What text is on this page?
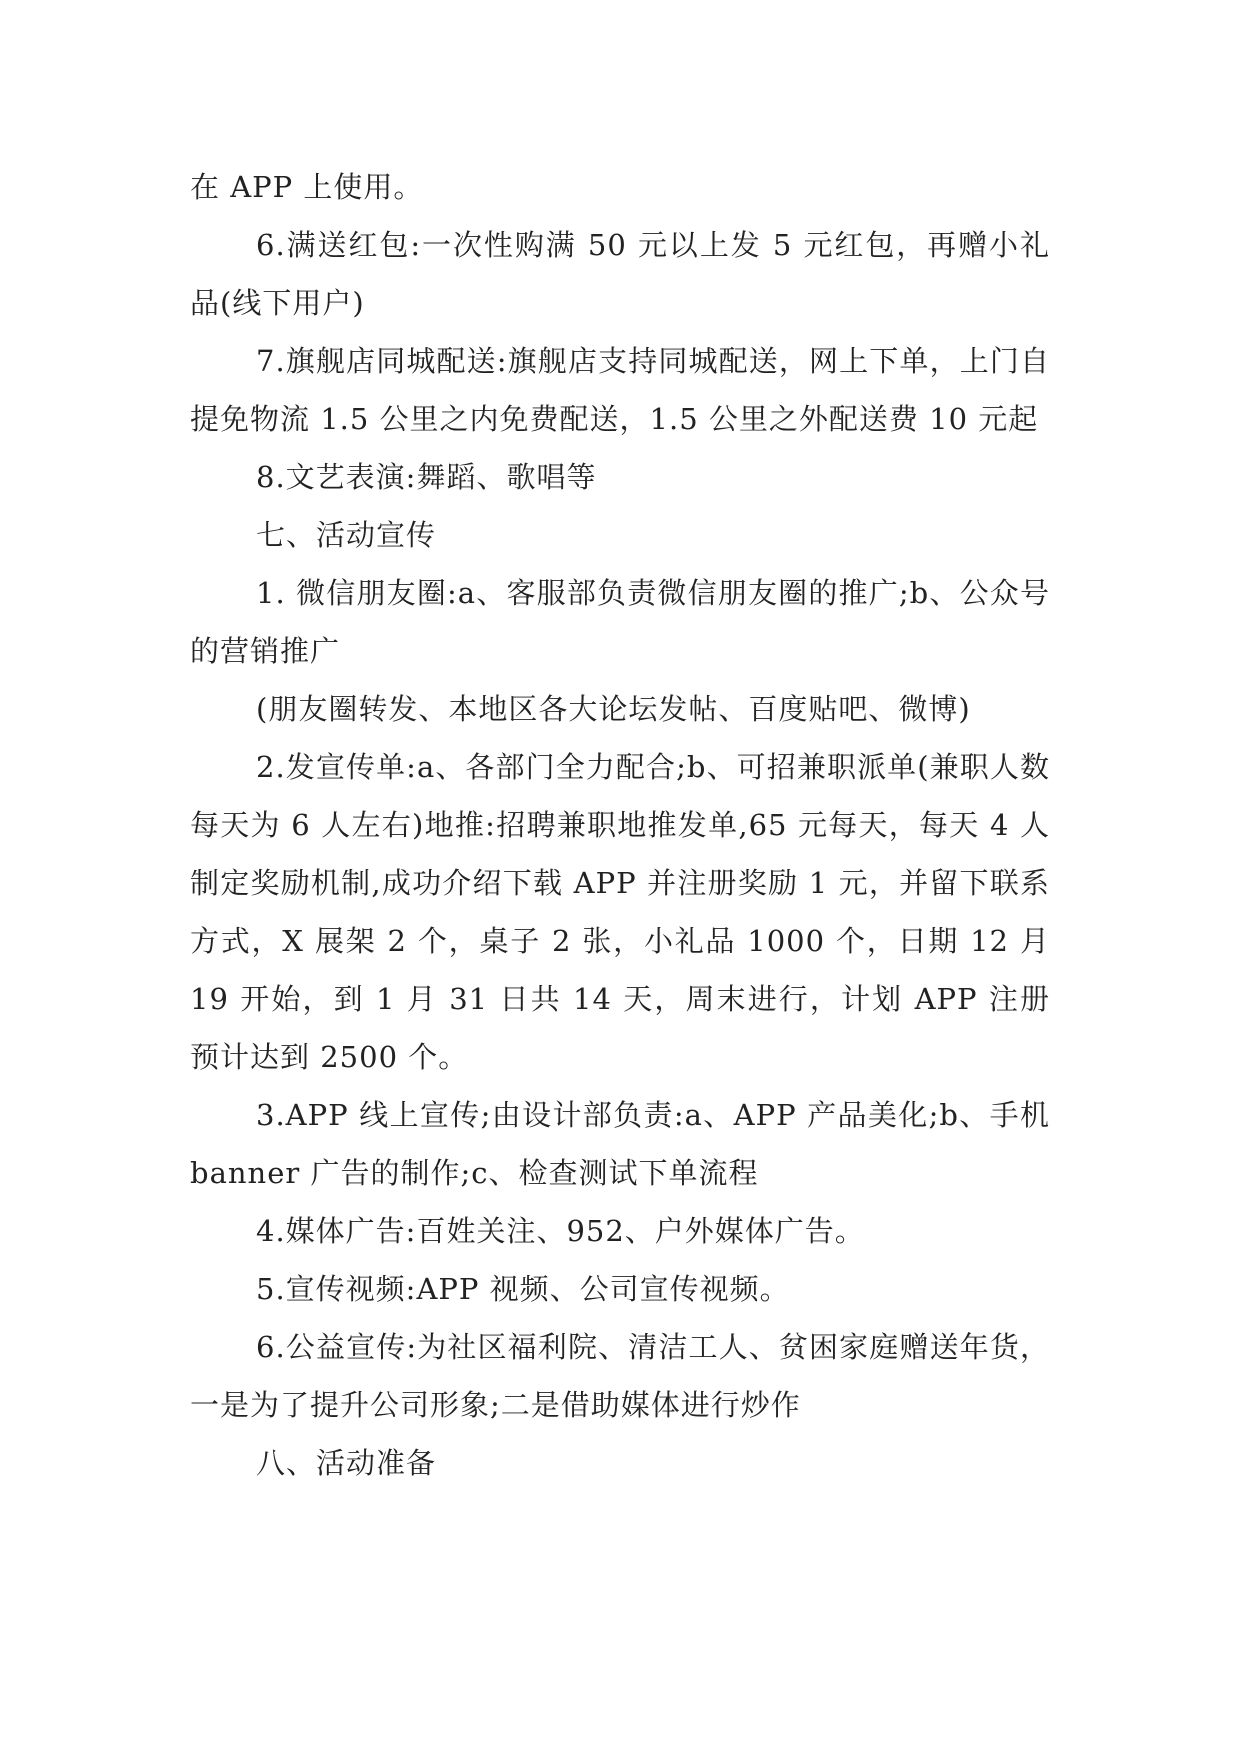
在 APP 上使用。

6.满送红包:一次性购满 50 元以上发 5 元红包，再赠小礼品(线下用户)

7.旗舰店同城配送:旗舰店支持同城配送，网上下单，上门自提免物流 1.5 公里之内免费配送，1.5 公里之外配送费 10 元起

8.文艺表演:舞蹈、歌唱等

七、活动宣传

1. 微信朋友圈:a、客服部负责微信朋友圈的推广;b、公众号的营销推广

(朋友圈转发、本地区各大论坛发帖、百度贴吧、微博)

2.发宣传单:a、各部门全力配合;b、可招兼职派单(兼职人数每天为 6 人左右)地推:招聘兼职地推发单,65 元每天，每天 4 人制定奖励机制,成功介绍下载 APP 并注册奖励 1 元，并留下联系方式，X 展架 2 个，桌子 2 张，小礼品 1000 个，日期 12 月 19 开始，到 1 月 31 日共 14 天，周末进行，计划 APP 注册预计达到 2500 个。

3.APP 线上宣传;由设计部负责:a、APP 产品美化;b、手机 banner 广告的制作;c、检查测试下单流程

4.媒体广告:百姓关注、952、户外媒体广告。

5.宣传视频:APP 视频、公司宣传视频。

6.公益宣传:为社区福利院、清洁工人、贫困家庭赠送年货，一是为了提升公司形象;二是借助媒体进行炒作

八、活动准备
